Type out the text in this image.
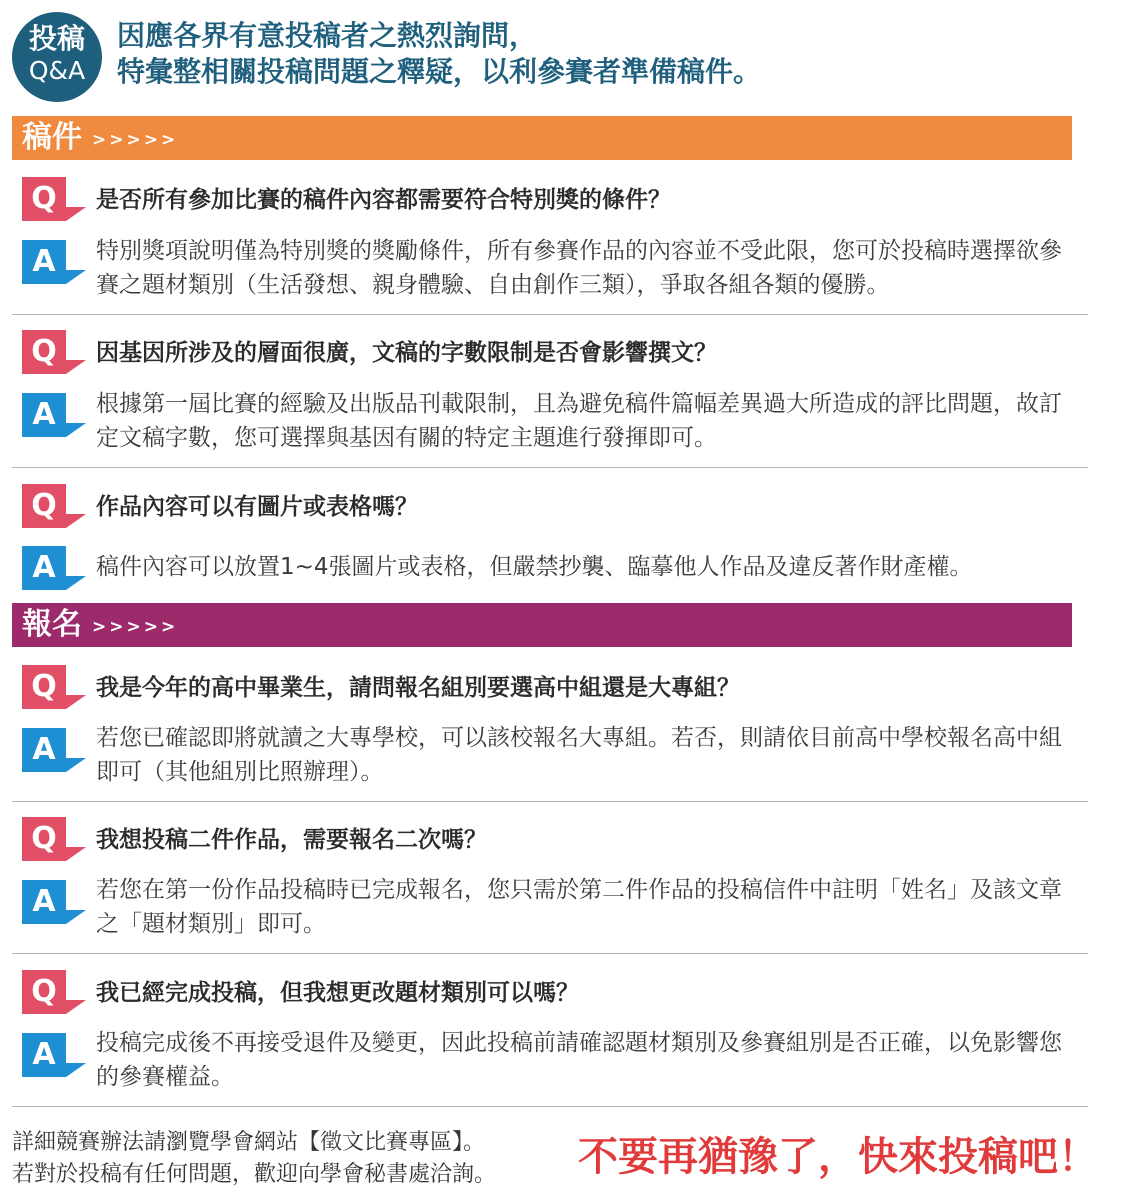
投稿
Q&A
因應各界有意投稿者之熱烈詢問，
特彙整相關投稿問題之釋疑，以利參賽者準備稿件。
稿件 >>>>>
Q	是否所有參加比賽的稿件內容都需要符合特別獎的條件？
A	特別獎項說明僅為特別獎的獎勵條件，所有參賽作品的內容並不受此限，您可於投稿時選擇欲參賽之題材類別（生活發想、親身體驗、自由創作三類），爭取各組各類的優勝。
Q	因基因所涉及的層面很廣，文稿的字數限制是否會影響撰文？
A	根據第一屆比賽的經驗及出版品刊載限制，且為避免稿件篇幅差異過大所造成的評比問題，故訂定文稿字數，您可選擇與基因有關的特定主題進行發揮即可。
Q	作品內容可以有圖片或表格嗎？
A	稿件內容可以放置1~4張圖片或表格，但嚴禁抄襲、臨摹他人作品及違反著作財產權。
報名 >>>>>
Q	我是今年的高中畢業生，請問報名組別要選高中組還是大專組？
A	若您已確認即將就讀之大專學校，可以該校報名大專組。若否，則請依目前高中學校報名高中組即可（其他組別比照辦理）。
Q	我想投稿二件作品，需要報名二次嗎？
A	若您在第一份作品投稿時已完成報名，您只需於第二件作品的投稿信件中註明「姓名」及該文章之「題材類別」即可。
Q	我已經完成投稿，但我想更改題材類別可以嗎？
A	投稿完成後不再接受退件及變更，因此投稿前請確認題材類別及參賽組別是否正確，以免影響您的參賽權益。
詳細競賽辦法請瀏覽學會網站【徵文比賽專區】。
若對於投稿有任何問題，歡迎向學會秘書處洽詢。 不要再猶豫了，快來投稿吧！
